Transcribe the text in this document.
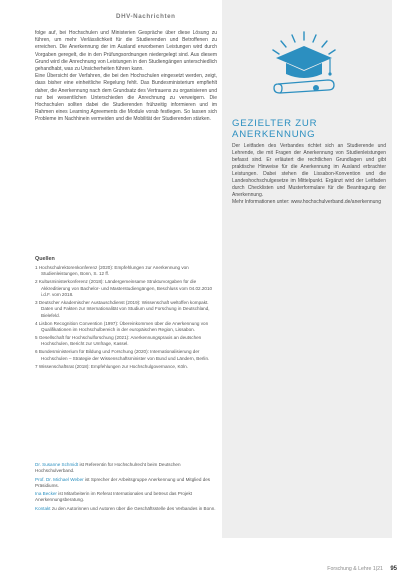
DHV-Nachrichten

folge auf, bei Hochschulen und Ministerien Gespräche über diese Lösung zu führen, um mehr Verlässlichkeit für die Studierenden und Betroffenen zu erreichen. Die Anerkennung der im Ausland erworbenen Leistungen wird durch Vorgaben geregelt, die in den Prüfungsordnungen niedergelegt sind. Aus diesem Grund wird die Anrechnung von Leistungen in den Studiengängen unterschiedlich gehandhabt, was zu Unsicherheiten führen kann.

Eine Übersicht der Verfahren, die bei den Hochschulen eingesetzt werden, zeigt, dass bisher eine einheitliche Regelung fehlt. Das Bundesministerium empfiehlt daher, die Anerkennung nach dem Grundsatz des Vertrauens zu organisieren und nur bei wesentlichen Unterschieden die Anrechnung zu verweigern. Die Hochschulen sollten dabei die Studierenden frühzeitig informieren und im Rahmen eines Learning Agreements die Module vorab festlegen. So lassen sich Probleme im Nachhinein vermeiden und die Mobilität der Studierenden stärken.

Quellen
1 Hochschulrektorenkonferenz (2020): Empfehlungen zur Anerkennung von Studienleistungen, Bonn, S. 12 ff.
2 Kultusministerkonferenz (2018): Ländergemeinsame Strukturvorgaben für die Akkreditierung von Bachelor- und Masterstudiengängen, Beschluss vom 04.02.2010 i.d.F. vom 2018.
3 Deutscher Akademischer Austauschdienst (2019): Wissenschaft weltoffen kompakt. Daten und Fakten zur Internationalität von Studium und Forschung in Deutschland, Bielefeld.
4 Lisbon Recognition Convention (1997): Übereinkommen über die Anerkennung von Qualifikationen im Hochschulbereich in der europäischen Region, Lissabon.
5 Gesellschaft für Hochschulforschung (2021): Anerkennungspraxis an deutschen Hochschulen, Bericht zur Umfrage, Kassel.
6 Bundesministerium für Bildung und Forschung (2020): Internationalisierung der Hochschulen – Strategie der Wissenschaftsminister von Bund und Ländern, Berlin.
7 Wissenschaftsrat (2018): Empfehlungen zur Hochschulgovernance, Köln.
Dr. Susanne Schmidt ist Referentin für Hochschulrecht beim Deutschen Hochschulverband.
Prof. Dr. Michael Weber ist Sprecher der Arbeitsgruppe Anerkennung und Mitglied des Präsidiums.
Ina Becker ist Mitarbeiterin im Referat Internationales und betreut das Projekt Anerkennungsberatung.
Kontakt zu den Autorinnen und Autoren über die Geschäftsstelle des Verbandes in Bonn.
GEZIELTER ZUR ANERKENNUNG

Der Leitfaden des Verbandes richtet sich an Studierende und Lehrende, die mit Fragen der Anerkennung von Studienleistungen befasst sind. Er erläutert die rechtlichen Grundlagen und gibt praktische Hinweise für die Anerkennung im Ausland erbrachter Leistungen. Dabei stehen die Lissabon-Konvention und die Landeshochschulgesetze im Mittelpunkt. Ergänzt wird der Leitfaden durch Checklisten und Musterformulare für die Beantragung der Anerkennung.

Mehr Informationen unter: www.hochschulverband.de/anerkennung

Forschung & Lehre 1|21 95
